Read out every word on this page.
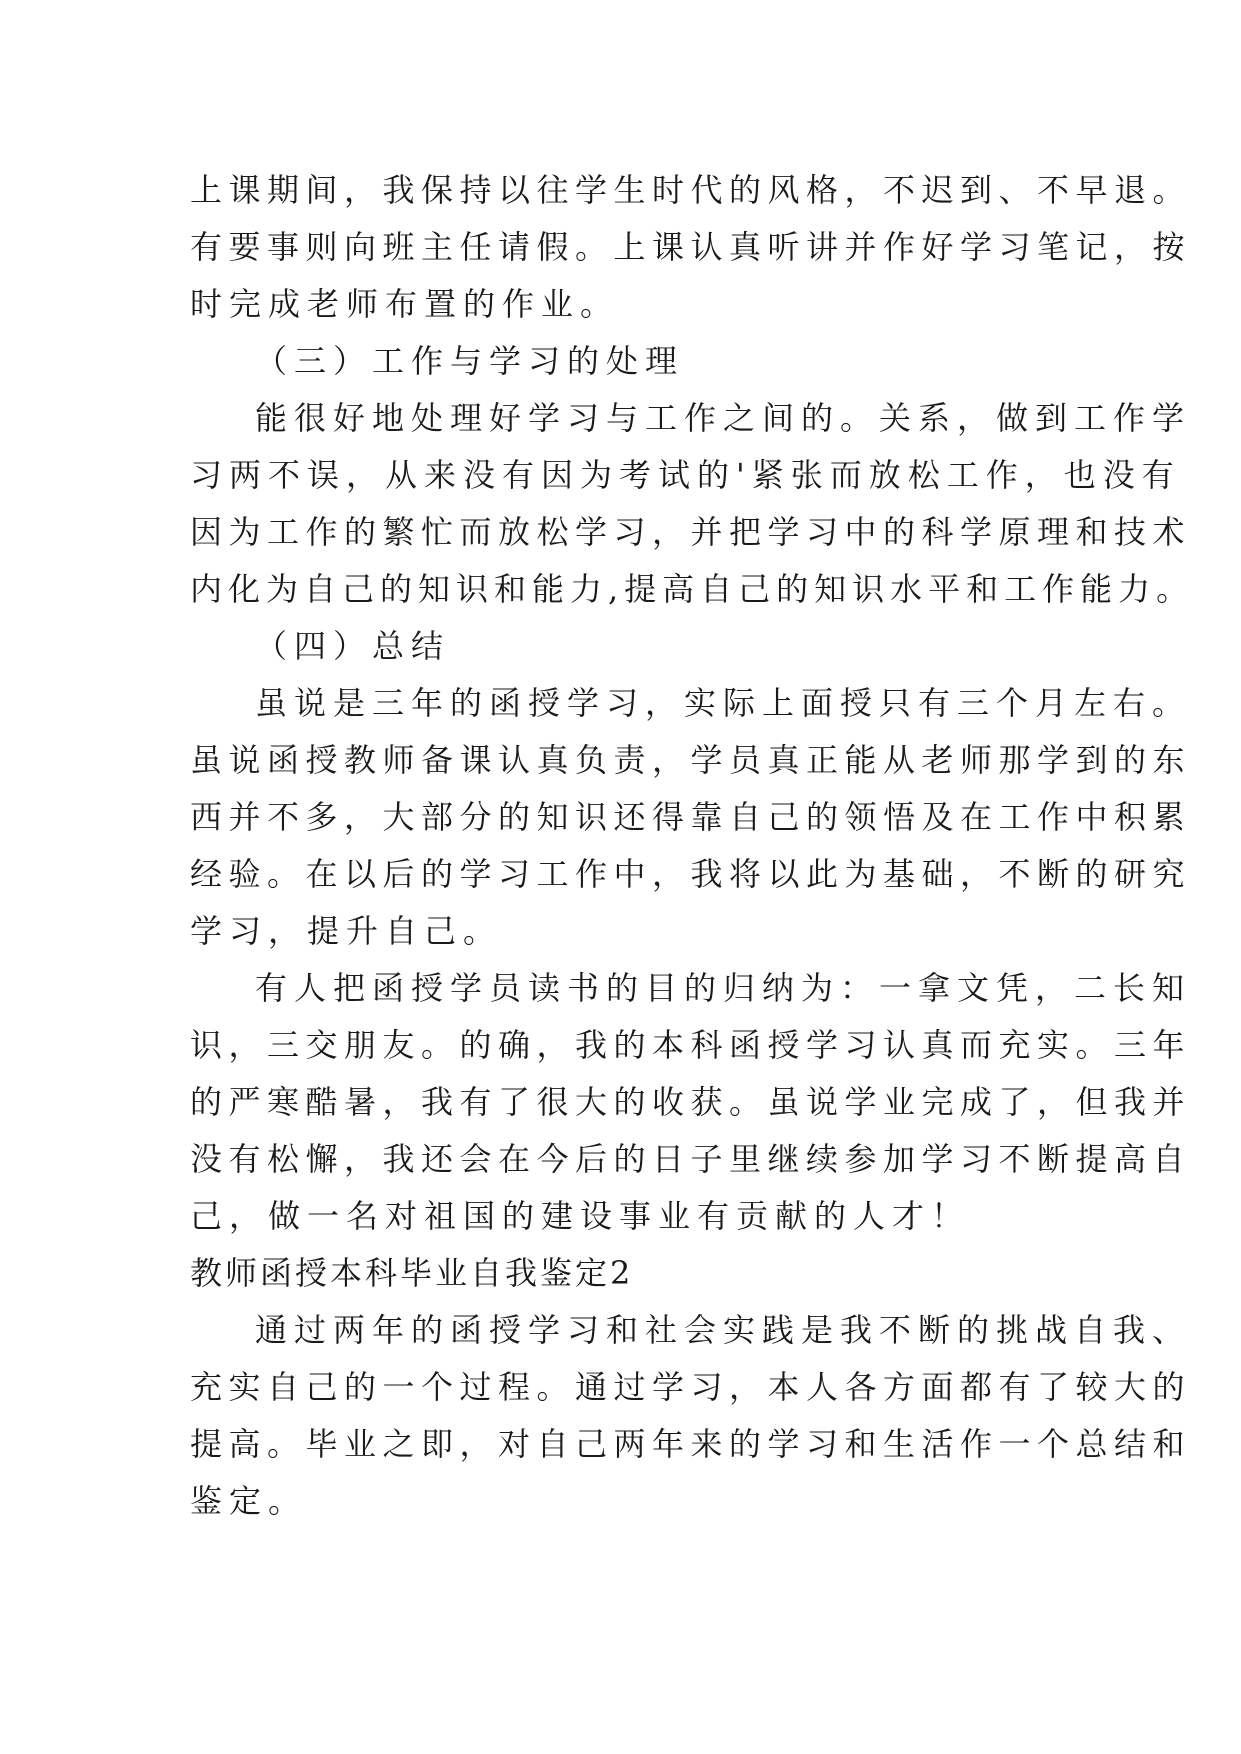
上课期间，我保持以往学生时代的风格，不迟到、不早退。
有要事则向班主任请假。上课认真听讲并作好学习笔记，按
时完成老师布置的作业。
（三）工作与学习的处理
能很好地处理好学习与工作之间的。关系，做到工作学
习两不误，从来没有因为考试的'紧张而放松工作，也没有
因为工作的繁忙而放松学习，并把学习中的科学原理和技术
内化为自己的知识和能力,提高自己的知识水平和工作能力。
（四）总结
虽说是三年的函授学习，实际上面授只有三个月左右。
虽说函授教师备课认真负责，学员真正能从老师那学到的东
西并不多，大部分的知识还得靠自己的领悟及在工作中积累
经验。在以后的学习工作中，我将以此为基础，不断的研究
学习，提升自己。
有人把函授学员读书的目的归纳为：一拿文凭，二长知
识，三交朋友。的确，我的本科函授学习认真而充实。三年
的严寒酷暑，我有了很大的收获。虽说学业完成了，但我并
没有松懈，我还会在今后的日子里继续参加学习不断提高自
己，做一名对祖国的建设事业有贡献的人才！
教师函授本科毕业自我鉴定2
通过两年的函授学习和社会实践是我不断的挑战自我、
充实自己的一个过程。通过学习，本人各方面都有了较大的
提高。毕业之即，对自己两年来的学习和生活作一个总结和
鉴定。
